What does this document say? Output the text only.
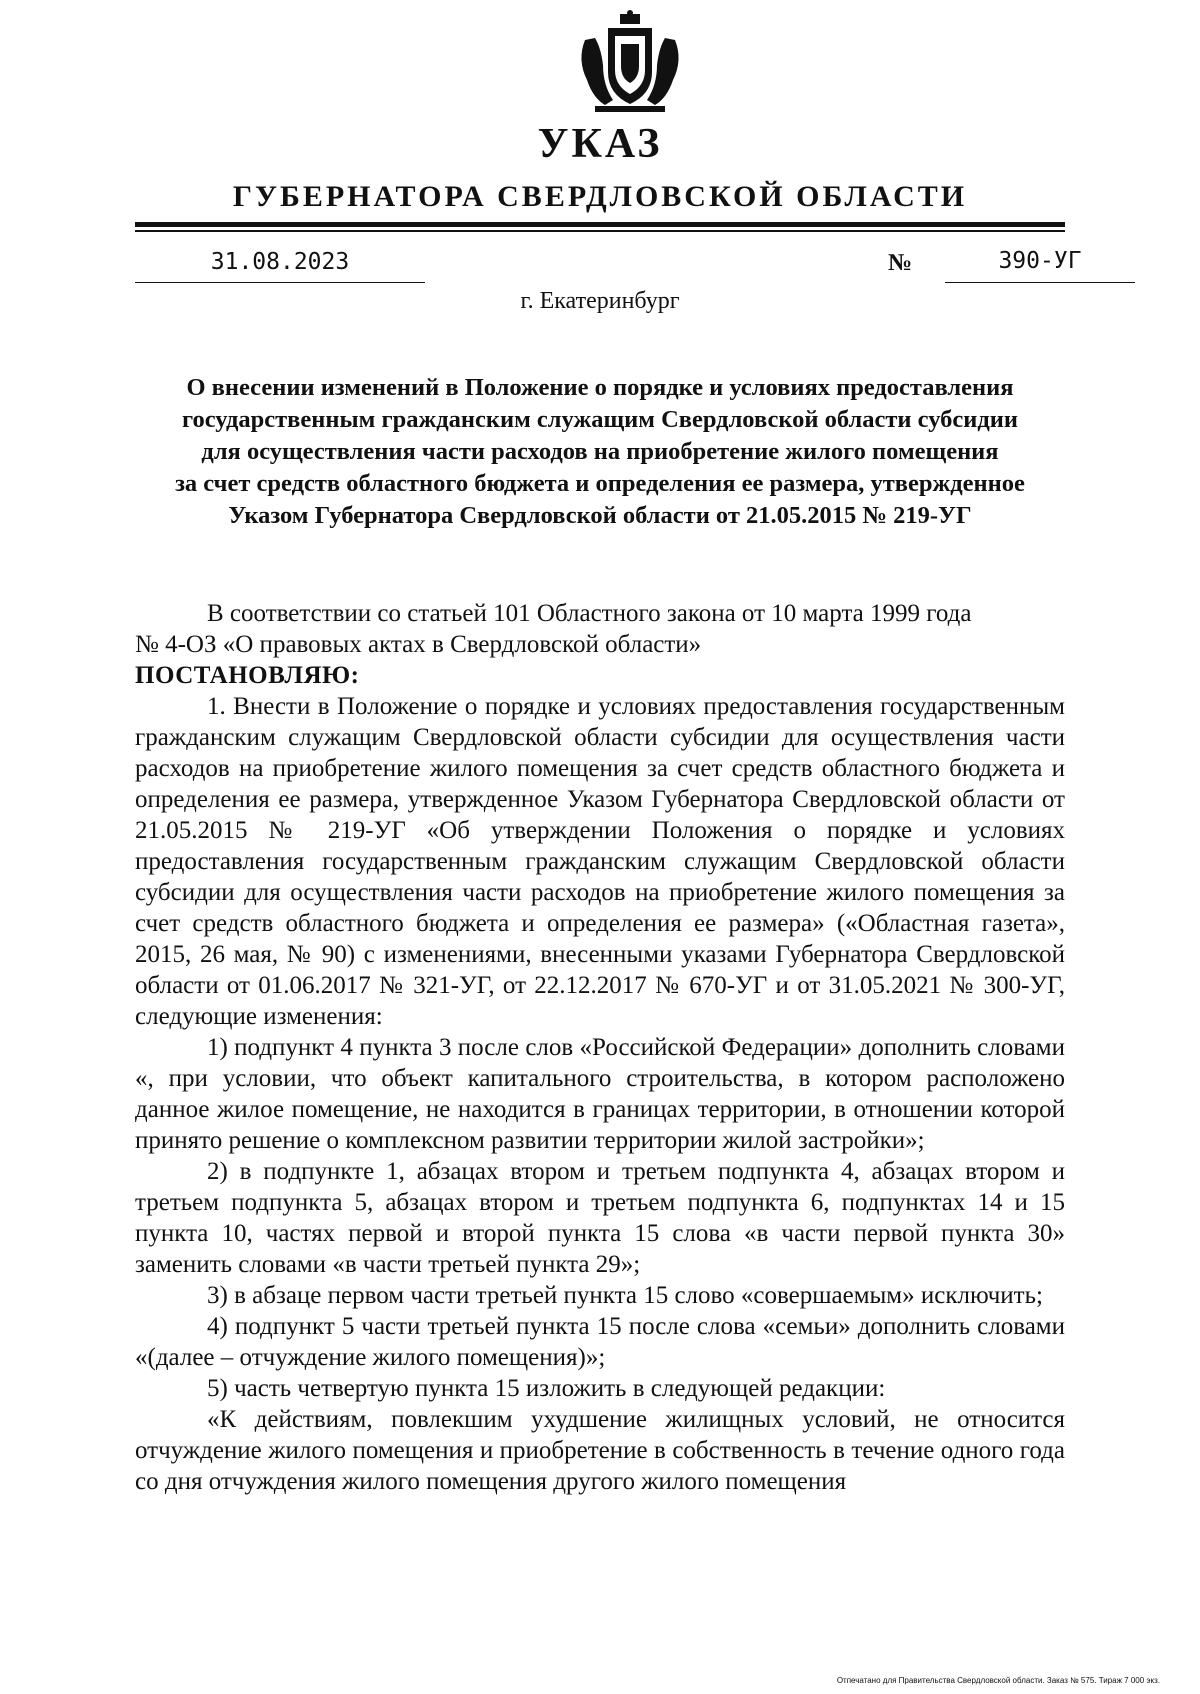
УКАЗ
ГУБЕРНАТОРА СВЕРДЛОВСКОЙ ОБЛАСТИ
31.08.2023	№	390-УГ
г. Екатеринбург
О внесении изменений в Положение о порядке и условиях предоставления
государственным гражданским служащим Свердловской области субсидии
для осуществления части расходов на приобретение жилого помещения
за счет средств областного бюджета и определения ее размера, утвержденное
Указом Губернатора Свердловской области от 21.05.2015 № 219-УГ

В соответствии со статьей 101 Областного закона от 10 марта 1999 года

№ 4-ОЗ «О правовых актах в Свердловской области»

ПОСТАНОВЛЯЮ:

1. Внести в Положение о порядке и условиях предоставления государственным гражданским служащим Свердловской области субсидии для осуществления части расходов на приобретение жилого помещения за счет средств областного бюджета и определения ее размера, утвержденное Указом Губернатора Свердловской области от 21.05.2015 № 219-УГ «Об утверждении Положения о порядке и условиях предоставления государственным гражданским служащим Свердловской области субсидии для осуществления части расходов на приобретение жилого помещения за счет средств областного бюджета и определения ее размера» («Областная газета», 2015, 26 мая, № 90) с изменениями, внесенными указами Губернатора Свердловской области от 01.06.2017 № 321-УГ, от 22.12.2017 № 670-УГ и от 31.05.2021 № 300-УГ, следующие изменения:

1) подпункт 4 пункта 3 после слов «Российской Федерации» дополнить словами «, при условии, что объект капитального строительства, в котором расположено данное жилое помещение, не находится в границах территории, в отношении которой принято решение о комплексном развитии территории жилой застройки»;

2) в подпункте 1, абзацах втором и третьем подпункта 4, абзацах втором и третьем подпункта 5, абзацах втором и третьем подпункта 6, подпунктах 14 и 15 пункта 10, частях первой и второй пункта 15 слова «в части первой пункта 30» заменить словами «в части третьей пункта 29»;

3) в абзаце первом части третьей пункта 15 слово «совершаемым» исключить;

4) подпункт 5 части третьей пункта 15 после слова «семьи» дополнить словами «(далее – отчуждение жилого помещения)»;

5) часть четвертую пункта 15 изложить в следующей редакции:

«К действиям, повлекшим ухудшение жилищных условий, не относится отчуждение жилого помещения и приобретение в собственность в течение одного года со дня отчуждения жилого помещения другого жилого помещения

Отпечатано для Правительства Свердловской области. Заказ № 575. Тираж 7 000 экз.
